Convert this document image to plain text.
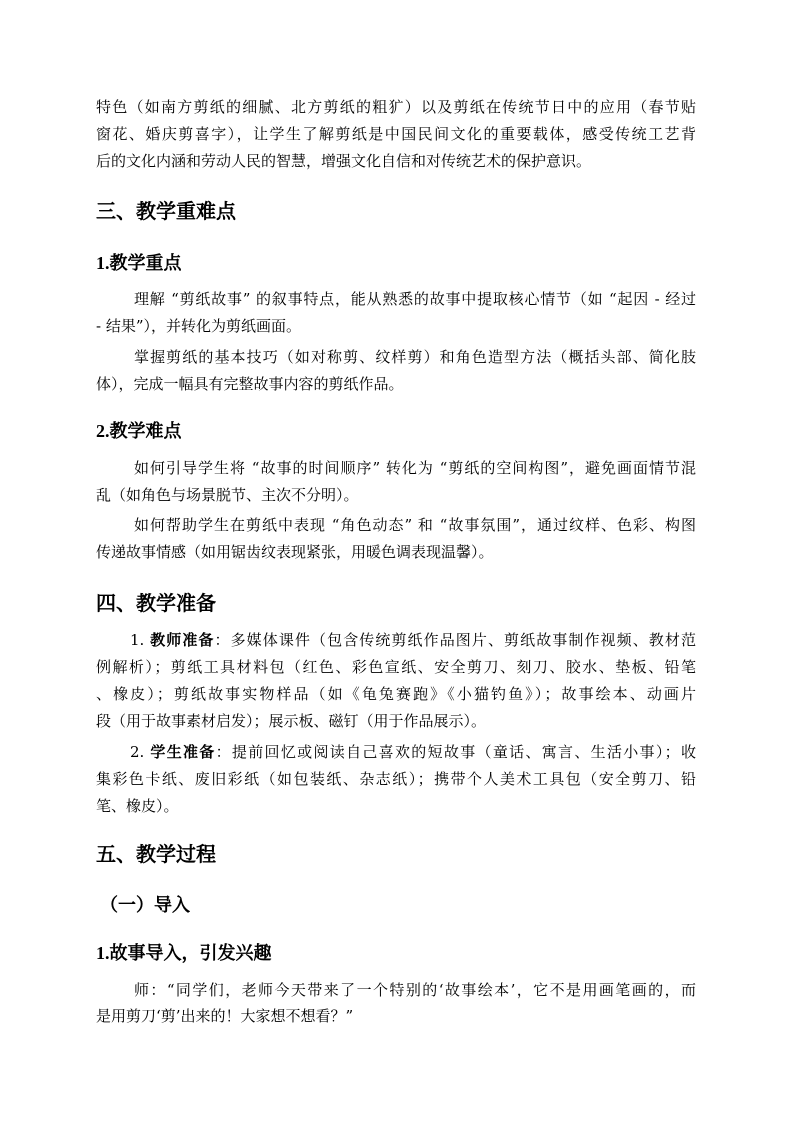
特色（如南方剪纸的细腻、北方剪纸的粗犷）以及剪纸在传统节日中的应用（春节贴
窗花、婚庆剪喜字），让学生了解剪纸是中国民间文化的重要载体，感受传统工艺背
后的文化内涵和劳动人民的智慧，增强文化自信和对传统艺术的保护意识。
三、教学重难点
1.教学重点
理解 “剪纸故事” 的叙事特点，能从熟悉的故事中提取核心情节（如 “起因 - 经过
- 结果”），并转化为剪纸画面。
掌握剪纸的基本技巧（如对称剪、纹样剪）和角色造型方法（概括头部、简化肢
体），完成一幅具有完整故事内容的剪纸作品。
2.教学难点
如何引导学生将 “故事的时间顺序” 转化为 “剪纸的空间构图”，避免画面情节混
乱（如角色与场景脱节、主次不分明）。
如何帮助学生在剪纸中表现 “角色动态” 和 “故事氛围”，通过纹样、色彩、构图
传递故事情感（如用锯齿纹表现紧张，用暖色调表现温馨）。
四、教学准备
1. 教师准备：多媒体课件（包含传统剪纸作品图片、剪纸故事制作视频、教材范
例解析）；剪纸工具材料包（红色、彩色宣纸、安全剪刀、刻刀、胶水、垫板、铅笔
、橡皮）；剪纸故事实物样品（如《龟兔赛跑》《小猫钓鱼》）；故事绘本、动画片
段（用于故事素材启发）；展示板、磁钉（用于作品展示）。
2. 学生准备：提前回忆或阅读自己喜欢的短故事（童话、寓言、生活小事）；收
集彩色卡纸、废旧彩纸（如包装纸、杂志纸）；携带个人美术工具包（安全剪刀、铅
笔、橡皮）。
五、教学过程
（一）导入
1.故事导入，引发兴趣
师：“同学们，老师今天带来了一个特别的‘故事绘本’，它不是用画笔画的，而
是用剪刀‘剪’出来的！大家想不想看？”
